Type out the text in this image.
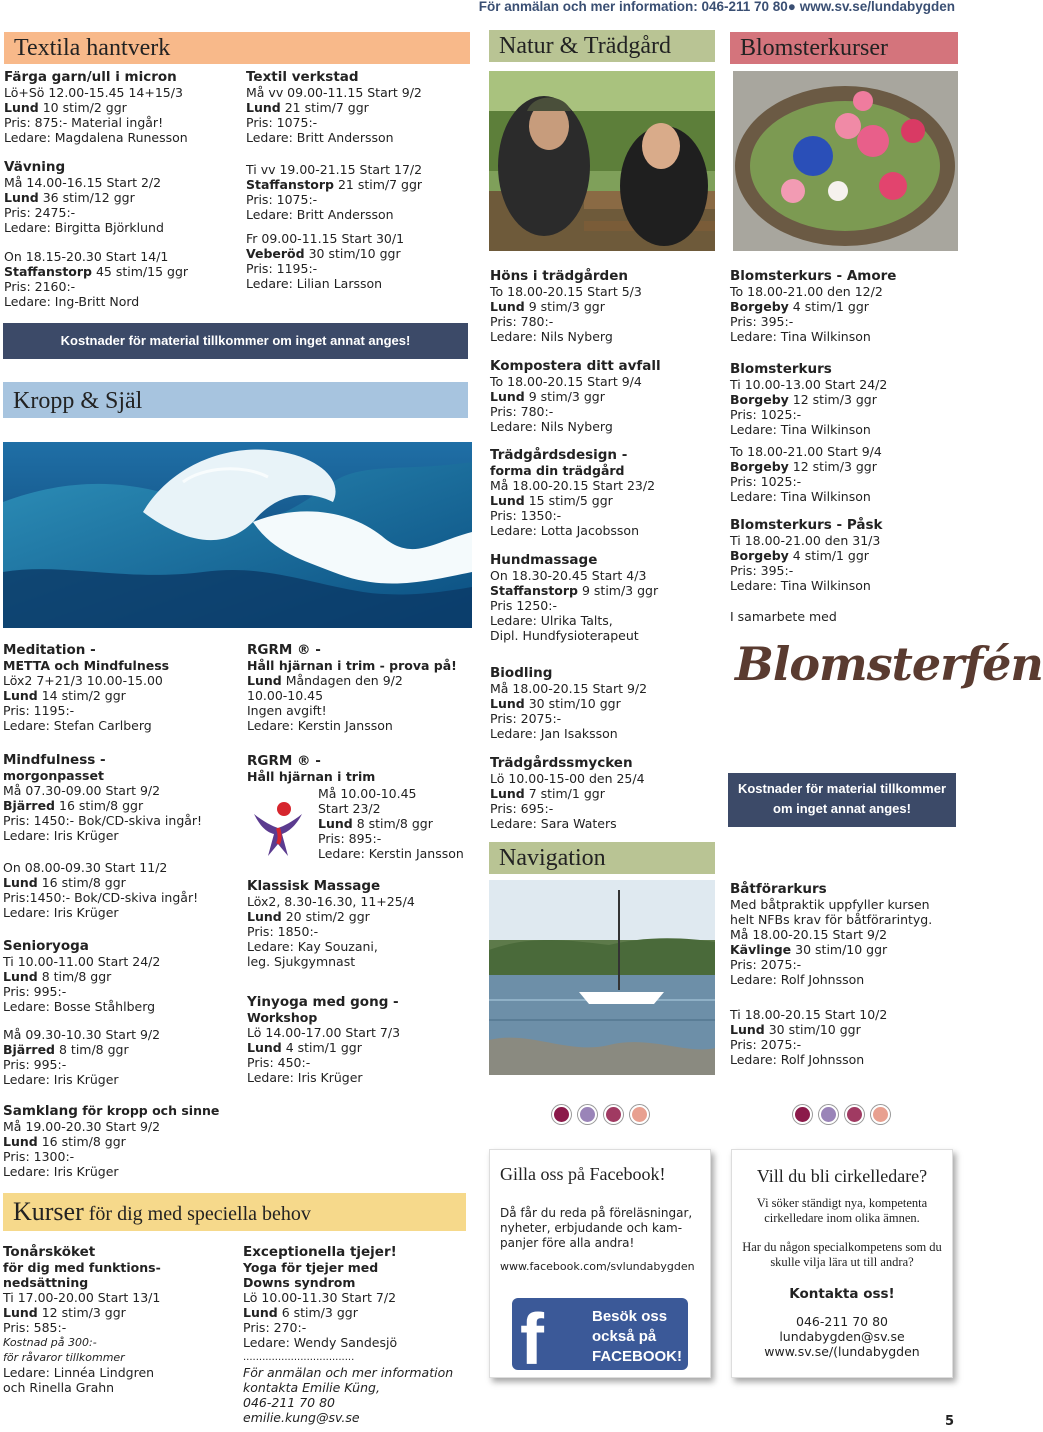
För anmälan och mer information: 046-211 70 80● www.sv.se/lundabygden
Textila hantverk	Natur & Trädgård	Blomsterkurser
Kropp & Själ
Navigation
Kurser för dig med speciella behov
Färga garn/ull i micron
Lö+Sö 12.00-15.45 14+15/3
Lund 10 stim/2 ggr
Pris: 875:- Material ingår!
Ledare: Magdalena Runesson
Vävning
Må 14.00-16.15 Start 2/2
Lund 36 stim/12 ggr
Pris: 2475:-
Ledare: Birgitta Björklund
On 18.15-20.30 Start 14/1
Staffanstorp 45 stim/15 ggr
Pris: 2160:-
Ledare: Ing-Britt Nord
Textil verkstad
Må vv 09.00-11.15 Start 9/2
Lund 21 stim/7 ggr
Pris: 1075:-
Ledare: Britt Andersson
Ti vv 19.00-21.15 Start 17/2
Staffanstorp 21 stim/7 ggr
Pris: 1075:-
Ledare: Britt Andersson
Fr 09.00-11.15 Start 30/1
Veberöd 30 stim/10 ggr
Pris: 1195:-
Ledare: Lilian Larsson
Kostnader för material tillkommer om inget annat anges!
Meditation -
METTA och Mindfulness
Löx2 7+21/3 10.00-15.00
Lund 14 stim/2 ggr
Pris: 1195:-
Ledare: Stefan Carlberg
Mindfulness -
morgonpasset
Må 07.30-09.00 Start 9/2
Bjärred 16 stim/8 ggr
Pris: 1450:- Bok/CD-skiva ingår!
Ledare: Iris Krüger
On 08.00-09.30 Start 11/2
Lund 16 stim/8 ggr
Pris:1450:- Bok/CD-skiva ingår!
Ledare: Iris Krüger
Senioryoga
Ti 10.00-11.00 Start 24/2
Lund 8 tim/8 ggr
Pris: 995:-
Ledare: Bosse Ståhlberg
Må 09.30-10.30 Start 9/2
Bjärred 8 tim/8 ggr
Pris: 995:-
Ledare: Iris Krüger
Samklang för kropp och sinne
Må 19.00-20.30 Start 9/2
Lund 16 stim/8 ggr
Pris: 1300:-
Ledare: Iris Krüger
RGRM ® -
Håll hjärnan i trim - prova på!
Lund Måndagen den 9/2
10.00-10.45
Ingen avgift!
Ledare: Kerstin Jansson
RGRM ® -
Håll hjärnan i trim
Må 10.00-10.45
Start 23/2
Lund 8 stim/8 ggr
Pris: 895:-
Ledare: Kerstin Jansson
Klassisk Massage
Löx2, 8.30-16.30, 11+25/4
Lund 20 stim/2 ggr
Pris: 1850:-
Ledare: Kay Souzani,
leg. Sjukgymnast
Yinyoga med gong -
Workshop
Lö 14.00-17.00 Start 7/3
Lund 4 stim/1 ggr
Pris: 450:-
Ledare: Iris Krüger
Höns i trädgården
To 18.00-20.15 Start 5/3
Lund 9 stim/3 ggr
Pris: 780:-
Ledare: Nils Nyberg
Kompostera ditt avfall
To 18.00-20.15 Start 9/4
Lund 9 stim/3 ggr
Pris: 780:-
Ledare: Nils Nyberg
Trädgårdsdesign -
forma din trädgård
Må 18.00-20.15 Start 23/2
Lund 15 stim/5 ggr
Pris: 1350:-
Ledare: Lotta Jacobsson
Hundmassage
On 18.30-20.45 Start 4/3
Staffanstorp 9 stim/3 ggr
Pris 1250:-
Ledare: Ulrika Talts,
Dipl. Hundfysioterapeut
Biodling
Må 18.00-20.15 Start 9/2
Lund 30 stim/10 ggr
Pris: 2075:-
Ledare: Jan Isaksson
Trädgårdssmycken
Lö 10.00-15-00 den 25/4
Lund 7 stim/1 ggr
Pris: 695:-
Ledare: Sara Waters
Blomsterkurs - Amore
To 18.00-21.00 den 12/2
Borgeby 4 stim/1 ggr
Pris: 395:-
Ledare: Tina Wilkinson
Blomsterkurs
Ti 10.00-13.00 Start 24/2
Borgeby 12 stim/3 ggr
Pris: 1025:-
Ledare: Tina Wilkinson
To 18.00-21.00 Start 9/4
Borgeby 12 stim/3 ggr
Pris: 1025:-
Ledare: Tina Wilkinson
Blomsterkurs - Påsk
Ti 18.00-21.00 den 31/3
Borgeby 4 stim/1 ggr
Pris: 395:-
Ledare: Tina Wilkinson
I samarbete med
Blomsterfén
Kostnader för material tillkommer om inget annat anges!
Båtförarkurs
Med båtpraktik uppfyller kursen
helt NFBs krav för båtförarintyg.
Må 18.00-20.15 Start 9/2
Kävlinge 30 stim/10 ggr
Pris: 2075:-
Ledare: Rolf Johnsson
Ti 18.00-20.15 Start 10/2
Lund 30 stim/10 ggr
Pris: 2075:-
Ledare: Rolf Johnsson
Gilla oss på Facebook!
Då får du reda på föreläsningar, nyheter, erbjudande och kam-panjer före alla andra!
www.facebook.com/svlundabygden
f	Besök oss
också på
FACEBOOK!
Vill du bli cirkelledare?
Vi söker ständigt nya, kompetenta cirkelledare inom olika ämnen.
Har du någon specialkompetens som du skulle vilja lära ut till andra?
Kontakta oss!
046-211 70 80
lundabygden@sv.se
www.sv.se/(lundabygden
Tonårsköket
för dig med funktions-
nedsättning
Ti 17.00-20.00 Start 13/1
Lund 12 stim/3 ggr
Pris: 585:-
Kostnad på 300:-
för råvaror tillkommer
Ledare: Linnéa Lindgren
och Rinella Grahn
Exceptionella tjejer!
Yoga för tjejer med
Downs syndrom
Lö 10.00-11.30 Start 7/2
Lund 6 stim/3 ggr
Pris: 270:-
Ledare: Wendy Sandesjö
...................................
För anmälan och mer information
kontakta Emilie Küng,
046-211 70 80
emilie.kung@sv.se	5
